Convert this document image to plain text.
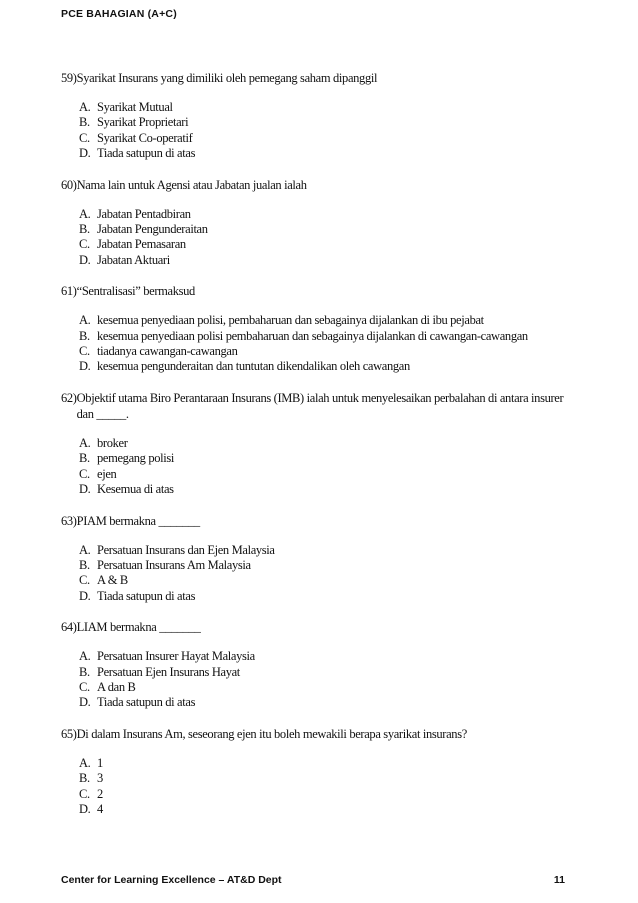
PCE BAHAGIAN (A+C)
59) Syarikat Insurans yang dimiliki oleh pemegang saham dipanggil
A. Syarikat Mutual
B. Syarikat Proprietari
C. Syarikat Co-operatif
D. Tiada satupun di atas
60) Nama lain untuk Agensi atau Jabatan jualan ialah
A. Jabatan Pentadbiran
B. Jabatan Pengunderaitan
C. Jabatan Pemasaran
D. Jabatan Aktuari
61) “Sentralisasi” bermaksud
A. kesemua penyediaan polisi, pembaharuan dan sebagainya dijalankan di ibu pejabat
B. kesemua penyediaan polisi pembaharuan dan sebagainya dijalankan di cawangan-cawangan
C. tiadanya cawangan-cawangan
D. kesemua pengunderaitan dan tuntutan dikendalikan oleh cawangan
62) Objektif utama Biro Perantaraan Insurans (IMB) ialah untuk menyelesaikan perbalahan di antara insurer dan _____.
A. broker
B. pemegang polisi
C. ejen
D. Kesemua di atas
63) PIAM bermakna _______
A. Persatuan Insurans dan Ejen Malaysia
B. Persatuan Insurans Am Malaysia
C. A & B
D. Tiada satupun di atas
64) LIAM bermakna _______
A. Persatuan Insurer Hayat Malaysia
B. Persatuan Ejen Insurans Hayat
C. A dan B
D. Tiada satupun di atas
65) Di dalam Insurans Am, seseorang ejen itu boleh mewakili berapa syarikat insurans?
A. 1
B. 3
C. 2
D. 4
Center for Learning Excellence – AT&D Dept	11
